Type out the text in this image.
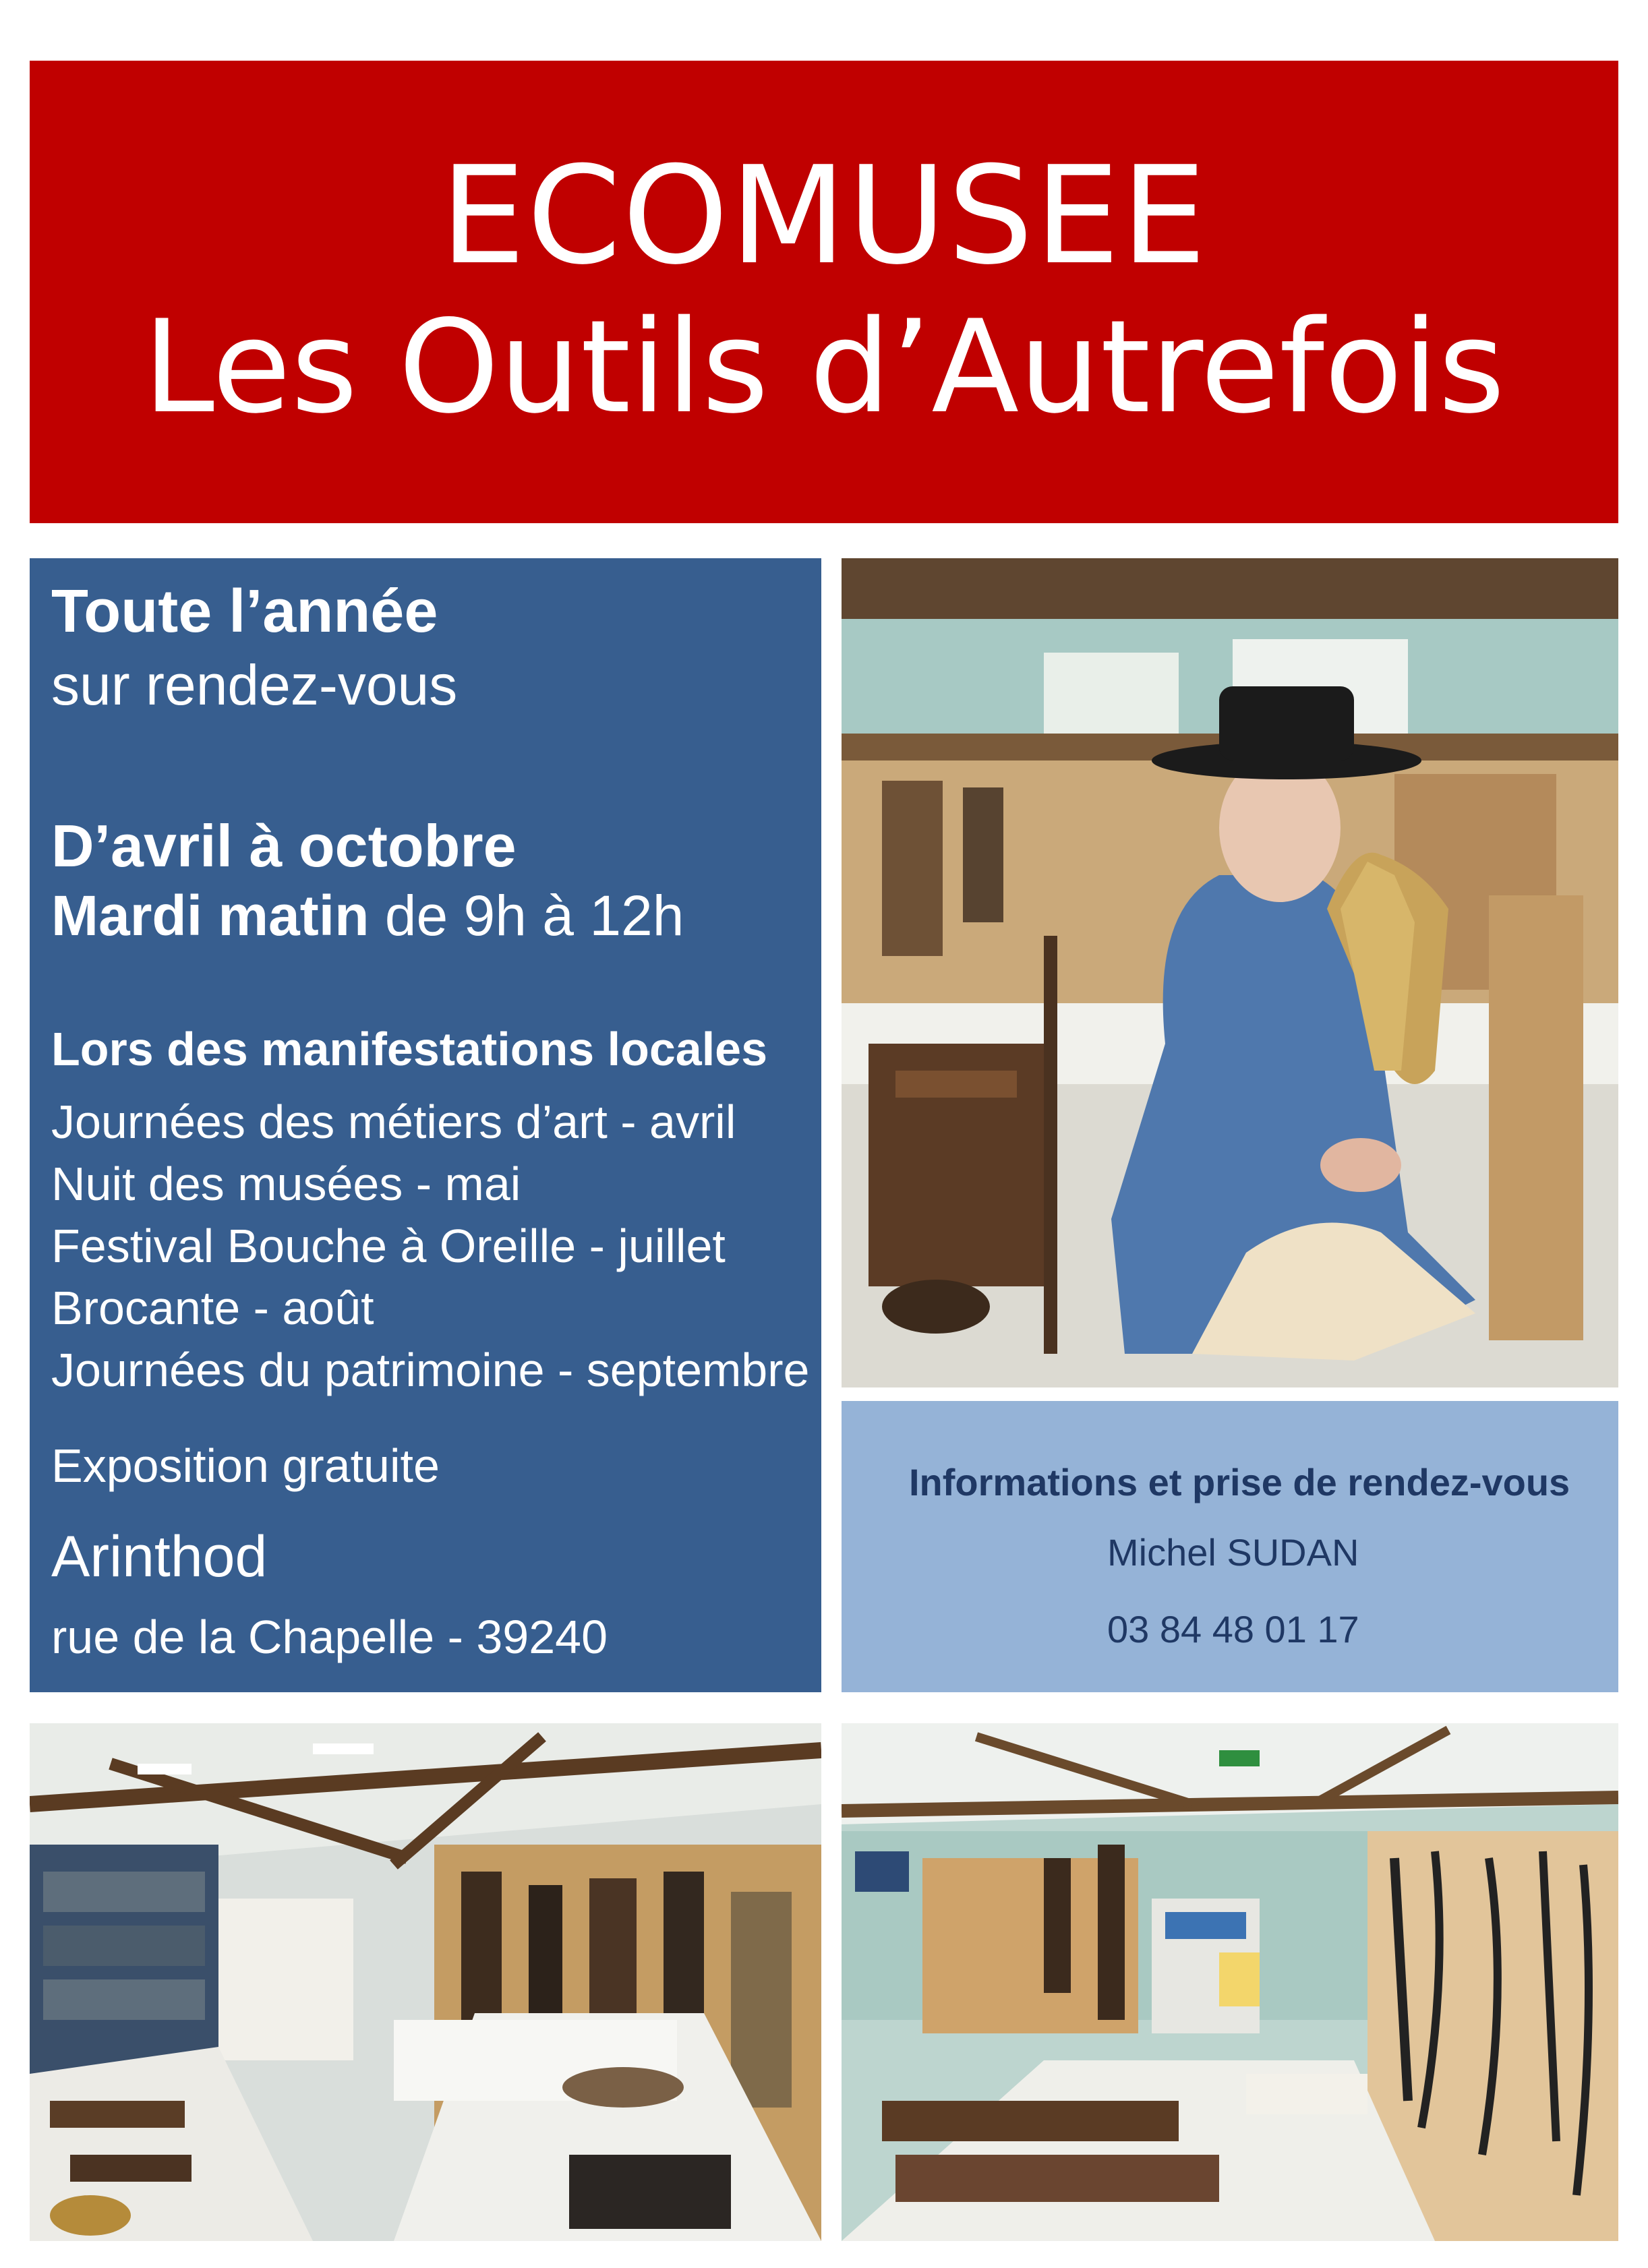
ECOMUSEE
Les Outils d’Autrefois
Toute l’année
sur rendez-vous
D’avril à octobre
Mardi matin de 9h à 12h
Lors des manifestations locales
Journées des métiers d’art - avril
Nuit des musées - mai
Festival Bouche à Oreille - juillet
Brocante - août
Journées du patrimoine - septembre
Exposition gratuite
Arinthod
rue de la Chapelle - 39240
Informations et prise de rendez-vous
Michel SUDAN
03 84 48 01 17
